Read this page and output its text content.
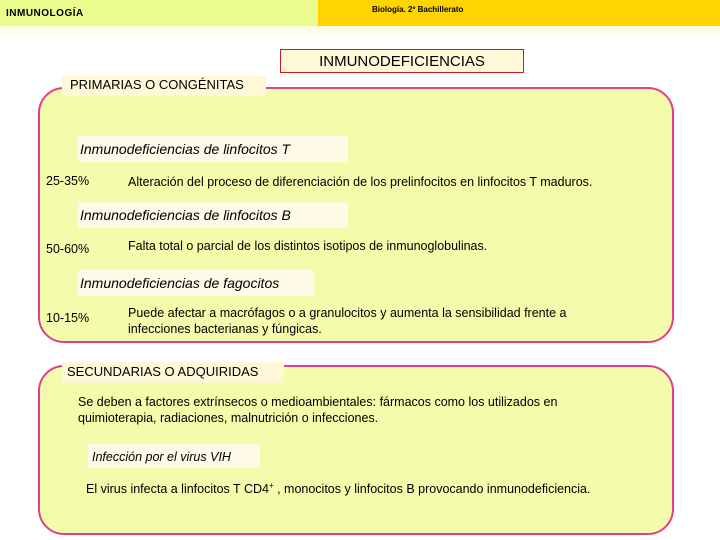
INMUNOLOGÍA	Biología. 2º Bachillerato
INMUNODEFICIENCIAS
PRIMARIAS O CONGÉNITAS
Inmunodeficiencias de linfocitos T
25-35%	Alteración del proceso de diferenciación de los prelinfocitos en linfocitos T maduros.
Inmunodeficiencias de linfocitos B
50-60%	Falta total o parcial de los distintos isotipos de inmunoglobulinas.
Inmunodeficiencias de fagocitos
10-15%	Puede afectar a macrófagos o a granulocitos y aumenta la sensibilidad frente a
infecciones bacterianas y fúngicas.
SECUNDARIAS O ADQUIRIDAS
Se deben a factores extrínsecos o medioambientales: fármacos como los utilizados en
quimioterapia, radiaciones, malnutrición o infecciones.
Infección por el virus VIH
El virus infecta a linfocitos T CD4+ , monocitos y linfocitos B provocando inmunodeficiencia.
